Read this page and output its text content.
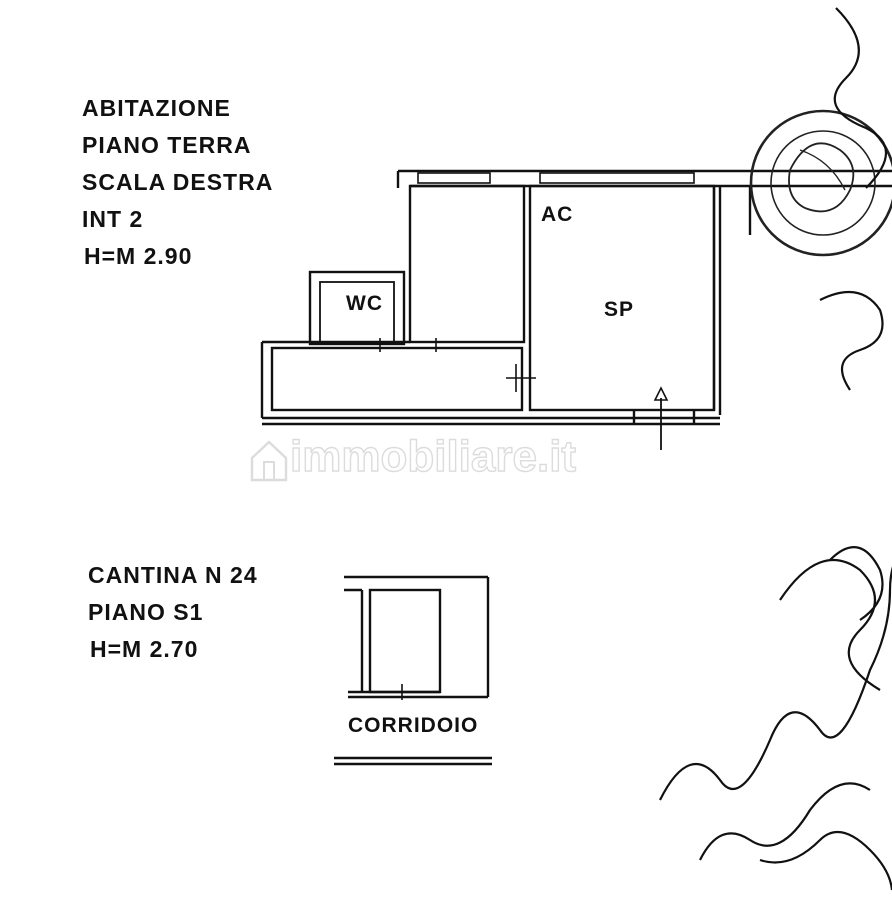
immobiliare.it
ABITAZIONE
PIANO TERRA
SCALA DESTRA
INT 2
H=M 2.90
AC
SP
WC
CANTINA N 24
PIANO S1
H=M 2.70
CORRIDOIO
